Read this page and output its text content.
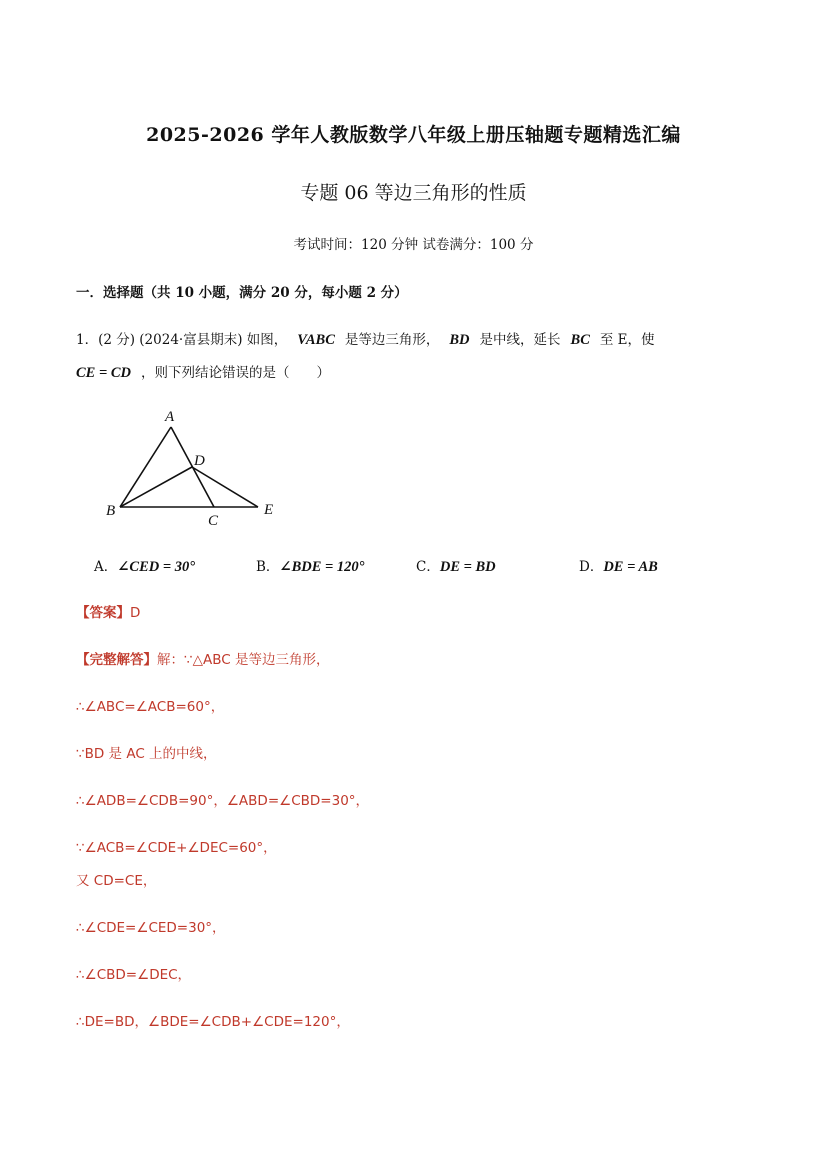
2025-2026 学年人教版数学八年级上册压轴题专题精选汇编
专题 06 等边三角形的性质
考试时间：120 分钟 试卷满分：100 分
一．选择题（共 10 小题，满分 20 分，每小题 2 分）
1．(2 分) (2024·富县期末) 如图， VABC 是等边三角形， BD 是中线，延长 BC 至 E，使
CE = CD ，则下列结论错误的是（　　）
A
B
C
D
E
A．∠CED = 30°	B．∠BDE = 120°	C．DE = BD	D．DE = AB
【答案】D
【完整解答】解：∵△ABC 是等边三角形，
∴∠ABC=∠ACB=60°，
∵BD 是 AC 上的中线，
∴∠ADB=∠CDB=90°，∠ABD=∠CBD=30°，
∵∠ACB=∠CDE+∠DEC=60°，
又 CD=CE，
∴∠CDE=∠CED=30°，
∴∠CBD=∠DEC，
∴DE=BD，∠BDE=∠CDB+∠CDE=120°，
